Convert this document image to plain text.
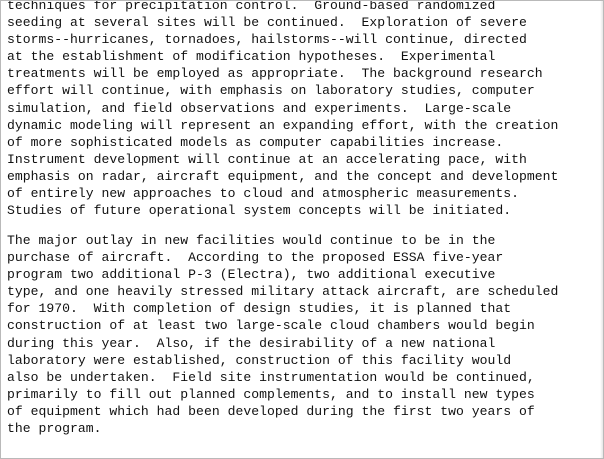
techniques for precipitation control.  Ground-based randomized
seeding at several sites will be continued.  Exploration of severe
storms--hurricanes, tornadoes, hailstorms--will continue, directed
at the establishment of modification hypotheses.  Experimental
treatments will be employed as appropriate.  The background research
effort will continue, with emphasis on laboratory studies, computer
simulation, and field observations and experiments.  Large-scale
dynamic modeling will represent an expanding effort, with the creation
of more sophisticated models as computer capabilities increase.
Instrument development will continue at an accelerating pace, with
emphasis on radar, aircraft equipment, and the concept and development
of entirely new approaches to cloud and atmospheric measurements.
Studies of future operational system concepts will be initiated.

The major outlay in new facilities would continue to be in the
purchase of aircraft.  According to the proposed ESSA five-year
program two additional P-3 (Electra), two additional executive
type, and one heavily stressed military attack aircraft, are scheduled
for 1970.  With completion of design studies, it is planned that
construction of at least two large-scale cloud chambers would begin
during this year.  Also, if the desirability of a new national
laboratory were established, construction of this facility would
also be undertaken.  Field site instrumentation would be continued,
primarily to fill out planned complements, and to install new types
of equipment which had been developed during the first two years of
the program.
